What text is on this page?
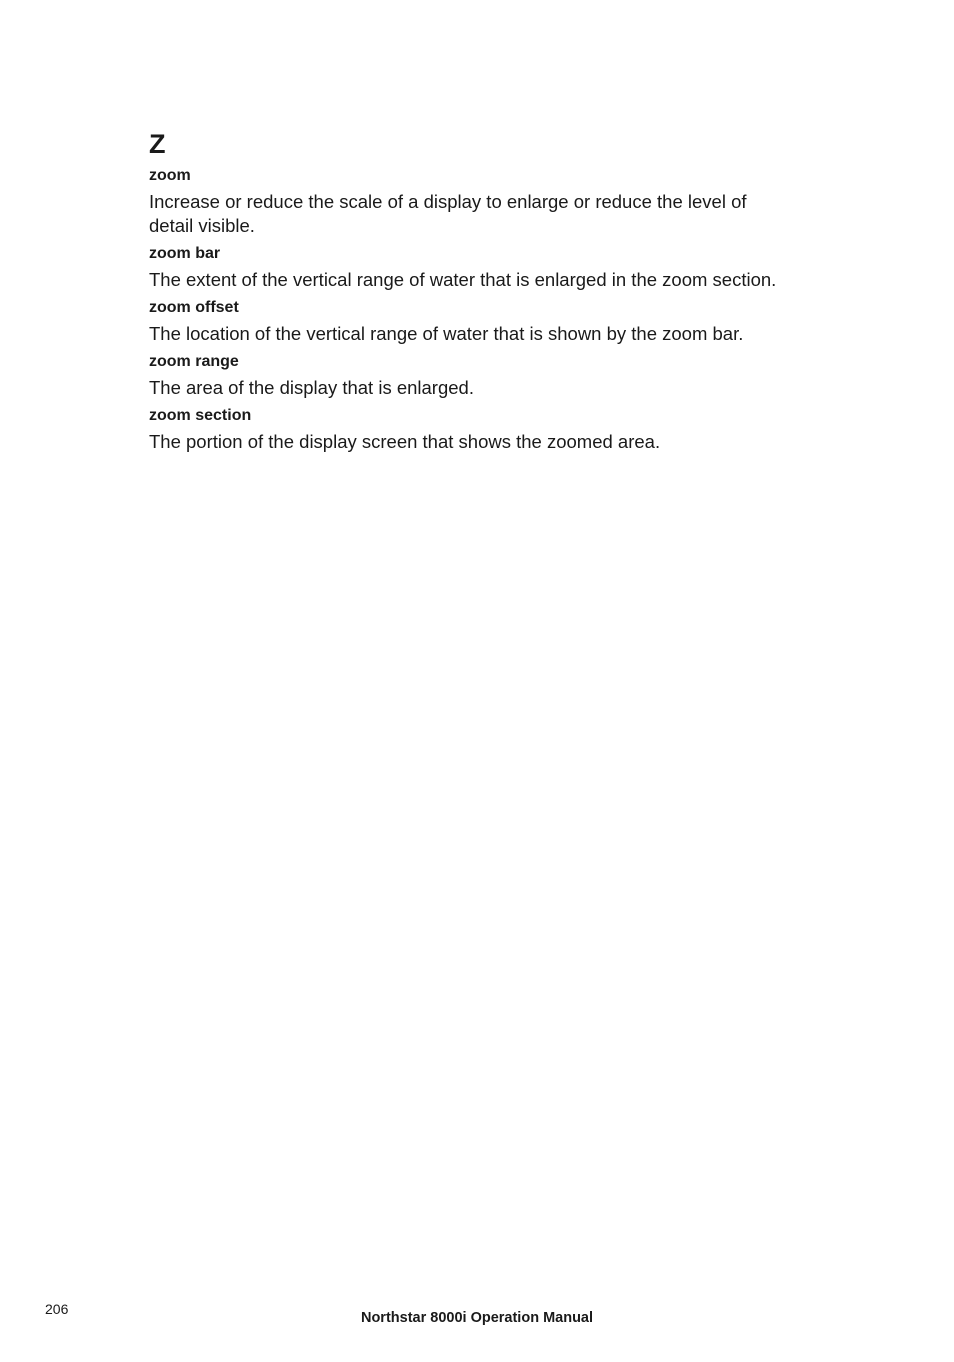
Z
zoom
Increase or reduce the scale of a display to enlarge or reduce the level of detail visible.
zoom bar
The extent of the vertical range of water that is enlarged in the zoom section.
zoom offset
The location of the vertical range of water that is shown by the zoom bar.
zoom range
The area of the display that is enlarged.
zoom section
The portion of the display screen that shows the zoomed area.
206
Northstar 8000i Operation Manual
